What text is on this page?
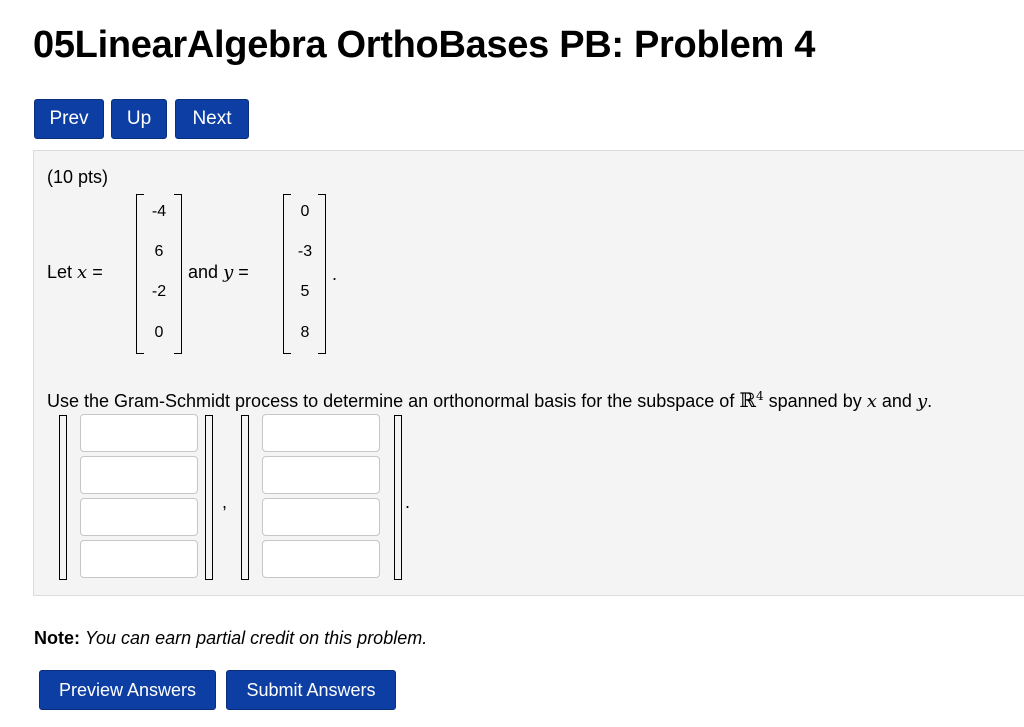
05LinearAlgebra OrthoBases PB: Problem 4
Prev	Up	Next
(10 pts)
Let x =
-4
6
-2
0
and y =
0
-3
5
8
.
Use the Gram-Schmidt process to determine an orthonormal basis for the subspace of ℝ$^4$ spanned by x and y.
,	.
Note: You can earn partial credit on this problem.
Preview Answers	Submit Answers
